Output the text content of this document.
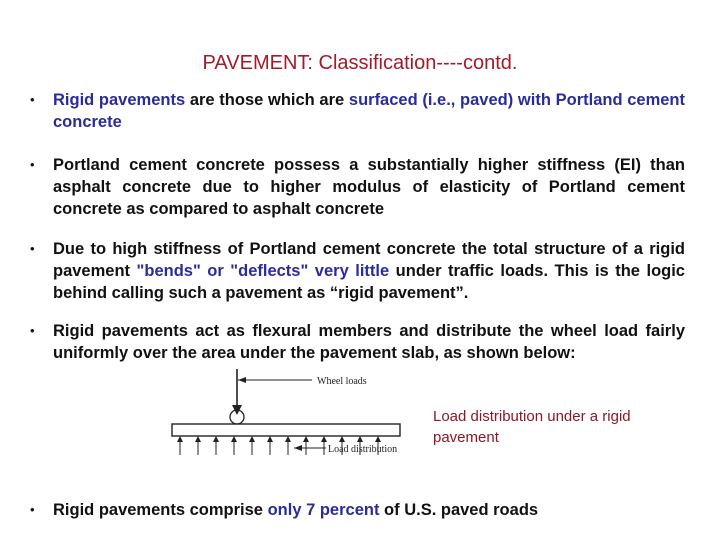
PAVEMENT: Classification----contd.
• Rigid pavements are those which are surfaced (i.e., paved) with Portland cement concrete
• Portland cement concrete possess a substantially higher stiffness (EI) than asphalt concrete due to higher modulus of elasticity of Portland cement concrete as compared to asphalt concrete
• Due to high stiffness of Portland cement concrete the total structure of a rigid pavement "bends" or "deflects" very little under traffic loads. This is the logic behind calling such a pavement as “rigid pavement”.
• Rigid pavements act as flexural members and distribute the wheel load fairly uniformly over the area under the pavement slab, as shown below:
Wheel loads
Load distribution
Load distribution under a rigid pavement
• Rigid pavements comprise only 7 percent of U.S. paved roads
